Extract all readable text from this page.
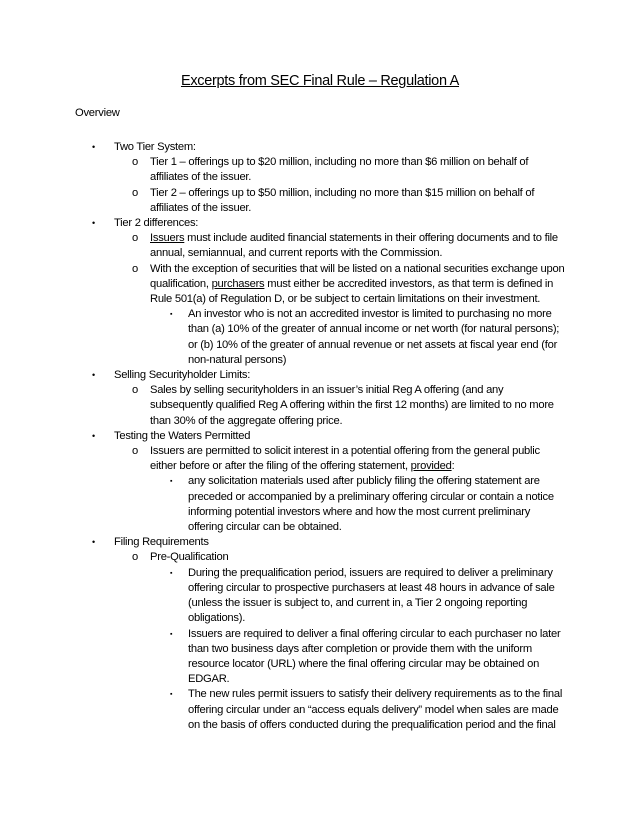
Excerpts from SEC Final Rule – Regulation A
Overview
• Two Tier System:
o Tier 1 – offerings up to $20 million, including no more than $6 million on behalf of affiliates of the issuer.
o Tier 2 – offerings up to $50 million, including no more than $15 million on behalf of affiliates of the issuer.
• Tier 2 differences:
o Issuers must include audited financial statements in their offering documents and to file annual, semiannual, and current reports with the Commission.
o With the exception of securities that will be listed on a national securities exchange upon qualification, purchasers must either be accredited investors, as that term is defined in Rule 501(a) of Regulation D, or be subject to certain limitations on their investment.
▪ An investor who is not an accredited investor is limited to purchasing no more than (a) 10% of the greater of annual income or net worth (for natural persons); or (b) 10% of the greater of annual revenue or net assets at fiscal year end (for non-natural persons)
• Selling Securityholder Limits:
o Sales by selling securityholders in an issuer’s initial Reg A offering (and any subsequently qualified Reg A offering within the first 12 months) are limited to no more than 30% of the aggregate offering price.
• Testing the Waters Permitted
o Issuers are permitted to solicit interest in a potential offering from the general public either before or after the filing of the offering statement, provided:
▪ any solicitation materials used after publicly filing the offering statement are preceded or accompanied by a preliminary offering circular or contain a notice informing potential investors where and how the most current preliminary offering circular can be obtained.
• Filing Requirements
o Pre-Qualification
▪ During the prequalification period, issuers are required to deliver a preliminary offering circular to prospective purchasers at least 48 hours in advance of sale (unless the issuer is subject to, and current in, a Tier 2 ongoing reporting obligations).
▪ Issuers are required to deliver a final offering circular to each purchaser no later than two business days after completion or provide them with the uniform resource locator (URL) where the final offering circular may be obtained on EDGAR.
▪ The new rules permit issuers to satisfy their delivery requirements as to the final offering circular under an “access equals delivery” model when sales are made on the basis of offers conducted during the prequalification period and the final
